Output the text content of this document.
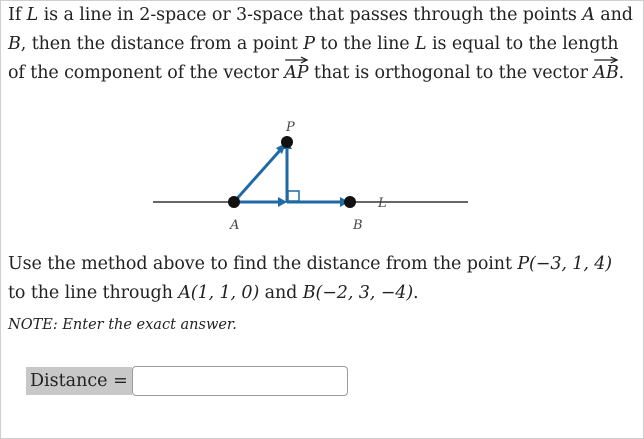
If L is a line in 2-space or 3-space that passes through the points A and
B, then the distance from a point P to the line L is equal to the length
of the component of the vector
AP that is orthogonal to the vector
AB.
P
A	B
L
Use the method above to find the distance from the point P(−3, 1, 4)
to the line through A(1, 1, 0) and B(−2, 3, −4).
NOTE: Enter the exact answer.
Distance =
